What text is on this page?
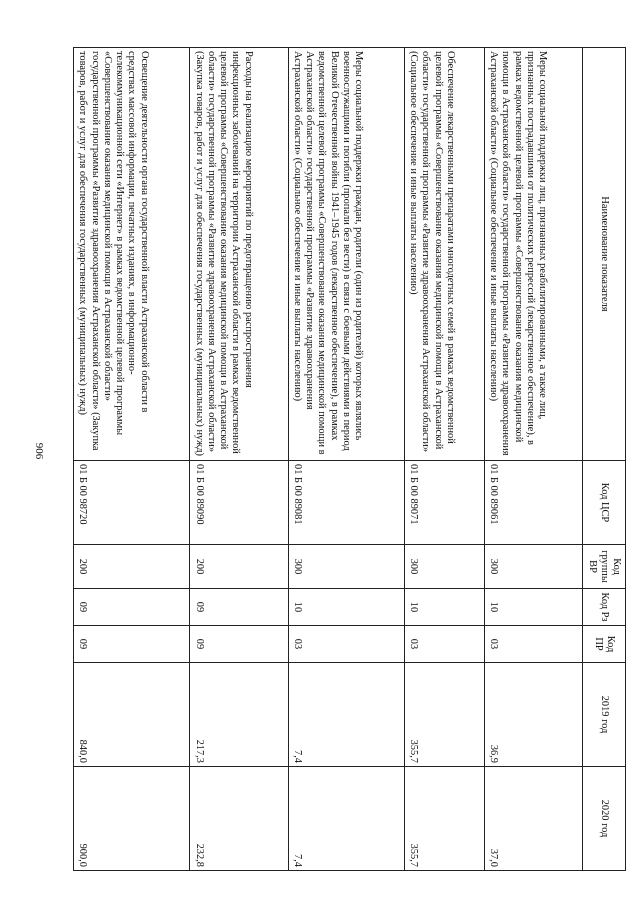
906
Наименование показателя	Код ЦСР	Код группы ВР	Код Рз	Код ПР	2019 год	2020 год
Меры социальной поддержки лиц, признанных реабилитированными, а также лиц, признанных пострадавшими от политических репрессий (лекарственное обеспечение), в рамках ведомственной целевой программы «Совершенствование оказания медицинской помощи в Астраханской области» государственной программы «Развитие здравоохранения Астраханской области» (Социальное обеспечение и иные выплаты населению)	01 Б 00 89061	300	10	03	36,9	37,0
Обеспечение лекарственными препаратами многодетных семей в рамках ведомственной целевой программы «Совершенствование оказания медицинской помощи в Астраханской области» государственной программы «Развитие здравоохранения Астраханской области» (Социальное обеспечение и иные выплаты населению)	01 Б 00 89071	300	10	03	355,7	355,7
Меры социальной поддержки граждан, родители (один из родителей) которых являлись военнослужащими и погибли (пропали без вести) в связи с боевыми действиями в период Великой Отечественной войны 1941–1945 годов (лекарственное обеспечение), в рамках ведомственной целевой программы «Совершенствование оказания медицинской помощи в Астраханской области» государственной программы «Развитие здравоохранения Астраханской области» (Социальное обеспечение и иные выплаты населению)	01 Б 00 89081	300	10	03	7,4	7,4
Расходы на реализацию мероприятий по предотвращению распространения инфекционных заболеваний на территории Астраханской области в рамках ведомственной целевой программы «Совершенствование оказания медицинской помощи в Астраханской области» государственной программы «Развитие здравоохранения Астраханской области» (Закупка товаров, работ и услуг для обеспечения государственных (муниципальных) нужд)	01 Б 00 89090	200	09	09	217,3	232,8
Освещение деятельности органа государственной власти Астраханской области в средствах массовой информации, печатных изданиях, в информационно-телекоммуникационной сети «Интернет» в рамках ведомственной целевой программы «Совершенствование оказания медицинской помощи в Астраханской области» государственной программы «Развитие здравоохранения Астраханской области» (Закупка товаров, работ и услуг для обеспечения государственных (муниципальных) нужд)	01 Б 00 98720	200	09	09	840,0	900,0
